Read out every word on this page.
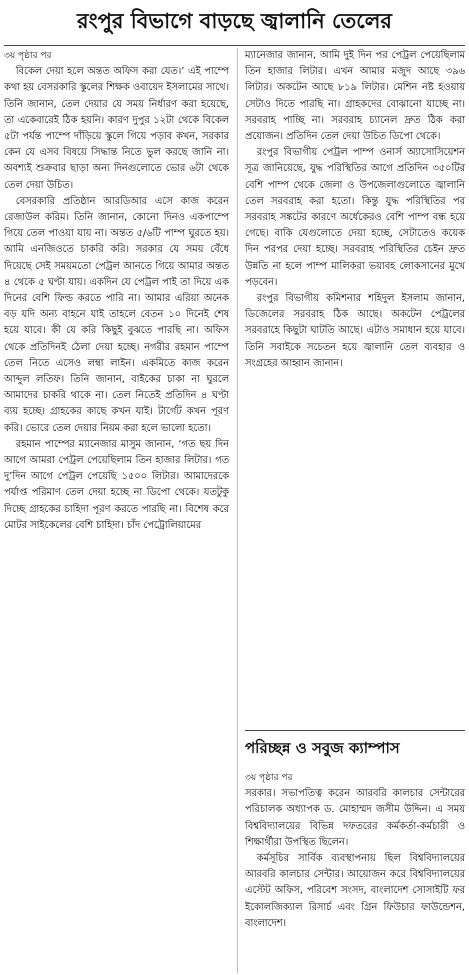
রংপুর বিভাগে বাড়ছে জ্বালানি তেলের

৩য় পৃষ্ঠার পর

বিকেল দেয়া হলে অন্তত অফিস করা যেত।’ এই পাম্পে কথা হয় বেসরকারি স্কুলের শিক্ষক ওবায়েদ ইসলামের সাথে। তিনি জানান, তেল দেয়ার যে সময় নির্ধারণ করা হয়েছে, তা একেবারেই ঠিক হয়নি। কারণ দুপুর ১২টা থেকে বিকেল ৫টা পর্যন্ত পাম্পে দাঁড়িয়ে স্কুলে গিয়ে পড়াব কখন, সরকার কেন যে এসব বিষয়ে সিদ্ধান্ত নিতে ভুল করছে জানি না। অবশ্যই শুক্রবার ছাড়া অন্য দিনগুলোতে ভোর ৬টা থেকে তেল দেয়া উচিত।

বেসরকারি প্রতিষ্ঠান আরডিআর এসে কাজ করেন রেজাউল করিম। তিনি জানান, কোনো দিনও একপাম্পে গিয়ে তেল পাওয়া যায় না। অন্তত ৫/৬টি পাম্প ঘুরতে হয়। আমি এনজিওতে চাকরি করি। সরকার যে সময় বেঁধে দিয়েছে সেই সময়মতো পেট্রল আনতে গিয়ে আমার অন্তত ৪ থেকে ৫ ঘণ্টা যায়। একদিন যে পেট্রল পাই তা দিয়ে এক দিনের বেশি ফিল্ড করতে পারি না। আমার এরিয়া অনেক বড় যদি অন্য বাহনে যাই তাহলে বেতন ১০ দিনেই শেষ হয়ে যাবে। কী যে করি কিছুই বুঝতে পারছি না। অফিস থেকে প্রতিদিনই ঠেলা দেয়া হচ্ছে। নগরীর রহমান পাম্পে তেল নিতে এসেও লম্বা লাইন। একমিতে কাজ করেন আব্দুল লতিফ। তিনি জানান, বাইকের চাকা না ঘুরলে আমাদের চাকরি থাকে না। তেল নিতেই প্রতিদিন ৪ ঘণ্টা ব্যয় হচ্ছে। গ্রাহকের কাছে কখন যাই। টার্গেট কখন পূরণ করি। ভোরে তেল দেয়ার নিয়ম করা হলে ভালো হতো।

রহমান পাম্পের ম্যানেজার মাসুম জানান, ‘গত ছয় দিন আগে আমরা পেট্রল পেয়েছিলাম তিন হাজার লিটার। গত দু’দিন আগে পেট্রল পেয়েছি ১৫০০ লিটার। আমাদেরকে পর্যাপ্ত পরিমাণ তেল দেয়া হচ্ছে না ডিপো থেকে। যতটুকু দিচ্ছে গ্রাহকের চাহিদা পূরণ করতে পারছি না। বিশেষ করে মোটর সাইকেলের বেশি চাহিদা। চাঁদ পেট্রোলিয়ামের

ম্যানেজার জানান, আমি দুই দিন পর পেট্রল পেয়েছিলাম তিন হাজার লিটার। এখন আমার মজুদ আছে ৩৯৬ লিটার। অকটেন আছে ৮১৯ লিটার। মেশিন নষ্ট হওয়ায় সেটাও দিতে পারছি না। গ্রাহকদের বোঝানো যাচ্ছে না। সরবরাহ পাচ্ছি না। সরবরাহ চ্যানেল দ্রুত ঠিক করা প্রয়োজন। প্রতিদিন তেল দেয়া উচিত ডিপো থেকে।

রংপুর বিভাগীয় পেট্রল পাম্প ওনার্স অ্যাসোসিয়েশন সূত্র জানিয়েছে, যুদ্ধ পরিস্থিতির আগে প্রতিদিন ৩৫০টির বেশি পাম্প থেকে জেলা ও উপজেলাগুলোতে জ্বালানি তেল সরবরাহ করা হতো। কিন্তু যুদ্ধ পরিস্থিতির পর সরবরাহ সঙ্কটের কারণে অর্ধেকেরও বেশি পাম্প বন্ধ হয়ে গেছে। বাকি যেগুলোতে দেয়া হচ্ছে, সেটাতেও কয়েক দিন পরপর দেয়া হচ্ছে। সরবরাহ পরিস্থিতির চেইন দ্রুত উন্নতি না হলে পাম্প মালিকরা ভয়াবহ লোকসানের মুখে পড়বেন।

রংপুর বিভাগীয় কমিশনার শহিদুল ইসলাম জানান, ডিজেলের সরবরাহ ঠিক আছে। অকটেন পেট্রলের সরবরাহে কিছুটা ঘাটতি আছে। এটাও সমাধান হয়ে যাবে। তিনি সবাইকে সচেতন হয়ে জ্বালানি তেল ব্যবহার ও সংগ্রহের আহ্বান জানান।

পরিচ্ছন্ন ও সবুজ ক্যাম্পাস

৩য় পৃষ্ঠার পর

সরকার। সভাপতিত্ব করেন আরবরি কালচার সেন্টারের পরিচালক অধ্যাপক ড. মোহাম্মদ জসীম উদ্দিন। এ সময় বিশ্ববিদ্যালয়ের বিভিন্ন দফতরের কর্মকর্তা-কর্মচারী ও শিক্ষার্থীরা উপস্থিত ছিলেন।

কর্মসূচির সার্বিক ব্যবস্থাপনায় ছিল বিশ্ববিদ্যালয়ের আরবরি কালচার সেন্টার। আয়োজন করে বিশ্ববিদ্যালয়ের এস্টেট অফিস, পরিবেশ সংসদ, বাংলাদেশ সোসাইটি ফর ইকোলজিক্যাল রিসার্চ এবং গ্রিন ফিউচার ফাউন্ডেশন, বাংলাদেশ।
